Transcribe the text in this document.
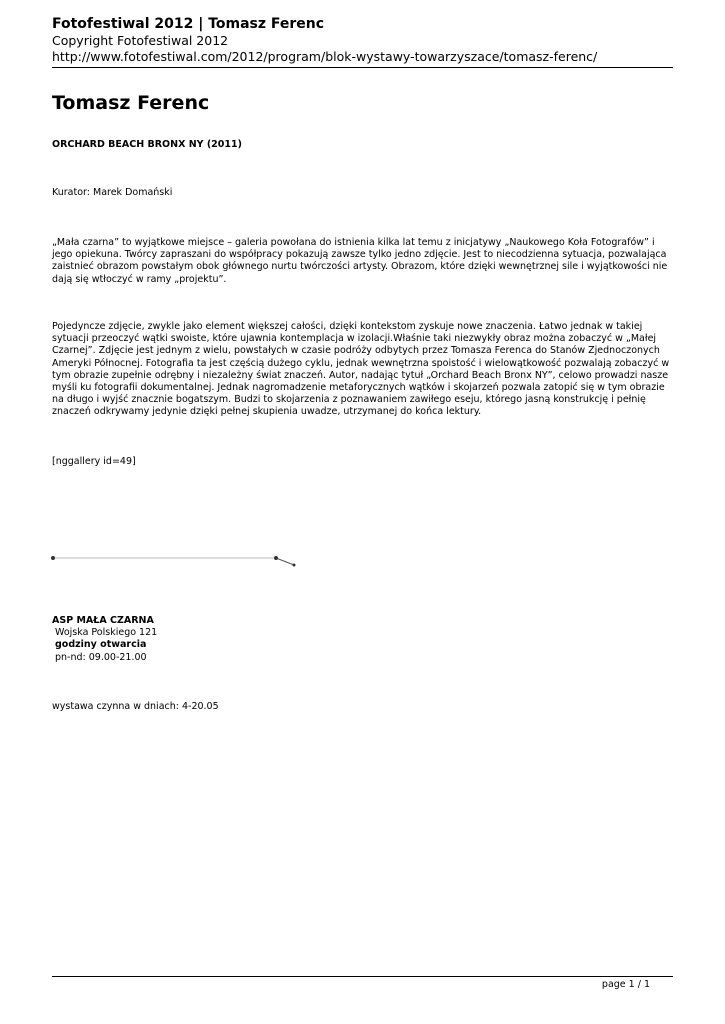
Fotofestiwal 2012 | Tomasz Ferenc
Copyright Fotofestiwal 2012
http://www.fotofestiwal.com/2012/program/blok-wystawy-towarzyszace/tomasz-ferenc/
Tomasz Ferenc
ORCHARD BEACH BRONX NY (2011)
Kurator: Marek Domański

„Mała czarna” to wyjątkowe miejsce – galeria powołana do istnienia kilka lat temu z inicjatywy „Naukowego Koła Fotografów” i jego opiekuna. Twórcy zapraszani do współpracy pokazują zawsze tylko jedno zdjęcie. Jest to niecodzienna sytuacja, pozwalająca zaistnieć obrazom powstałym obok głównego nurtu twórczości artysty. Obrazom, które dzięki wewnętrznej sile i wyjątkowości nie dają się wtłoczyć w ramy „projektu”.

Pojedyncze zdjęcie, zwykle jako element większej całości, dzięki kontekstom zyskuje nowe znaczenia. Łatwo jednak w takiej sytuacji przeoczyć wątki swoiste, które ujawnia kontemplacja w izolacji.Właśnie taki niezwykły obraz można zobaczyć w „Małej Czarnej”. Zdjęcie jest jednym z wielu, powstałych w czasie podróży odbytych przez Tomasza Ferenca do Stanów Zjednoczonych Ameryki Północnej. Fotografia ta jest częścią dużego cyklu, jednak wewnętrzna spoistość i wielowątkowość pozwalają zobaczyć w tym obrazie zupełnie odrębny i niezależny świat znaczeń. Autor, nadając tytuł „Orchard Beach Bronx NY”, celowo prowadzi nasze myśli ku fotografii dokumentalnej. Jednak nagromadzenie metaforycznych wątków i skojarzeń pozwala zatopić się w tym obrazie na długo i wyjść znacznie bogatszym. Budzi to skojarzenia z poznawaniem zawiłego eseju, którego jasną konstrukcję i pełnię znaczeń odkrywamy jedynie dzięki pełnej skupienia uwadze, utrzymanej do końca lektury.

[nggallery id=49]
ASP MAŁA CZARNA
Wojska Polskiego 121
godziny otwarcia
pn-nd: 09.00-21.00
wystawa czynna w dniach: 4-20.05
page 1 / 1
